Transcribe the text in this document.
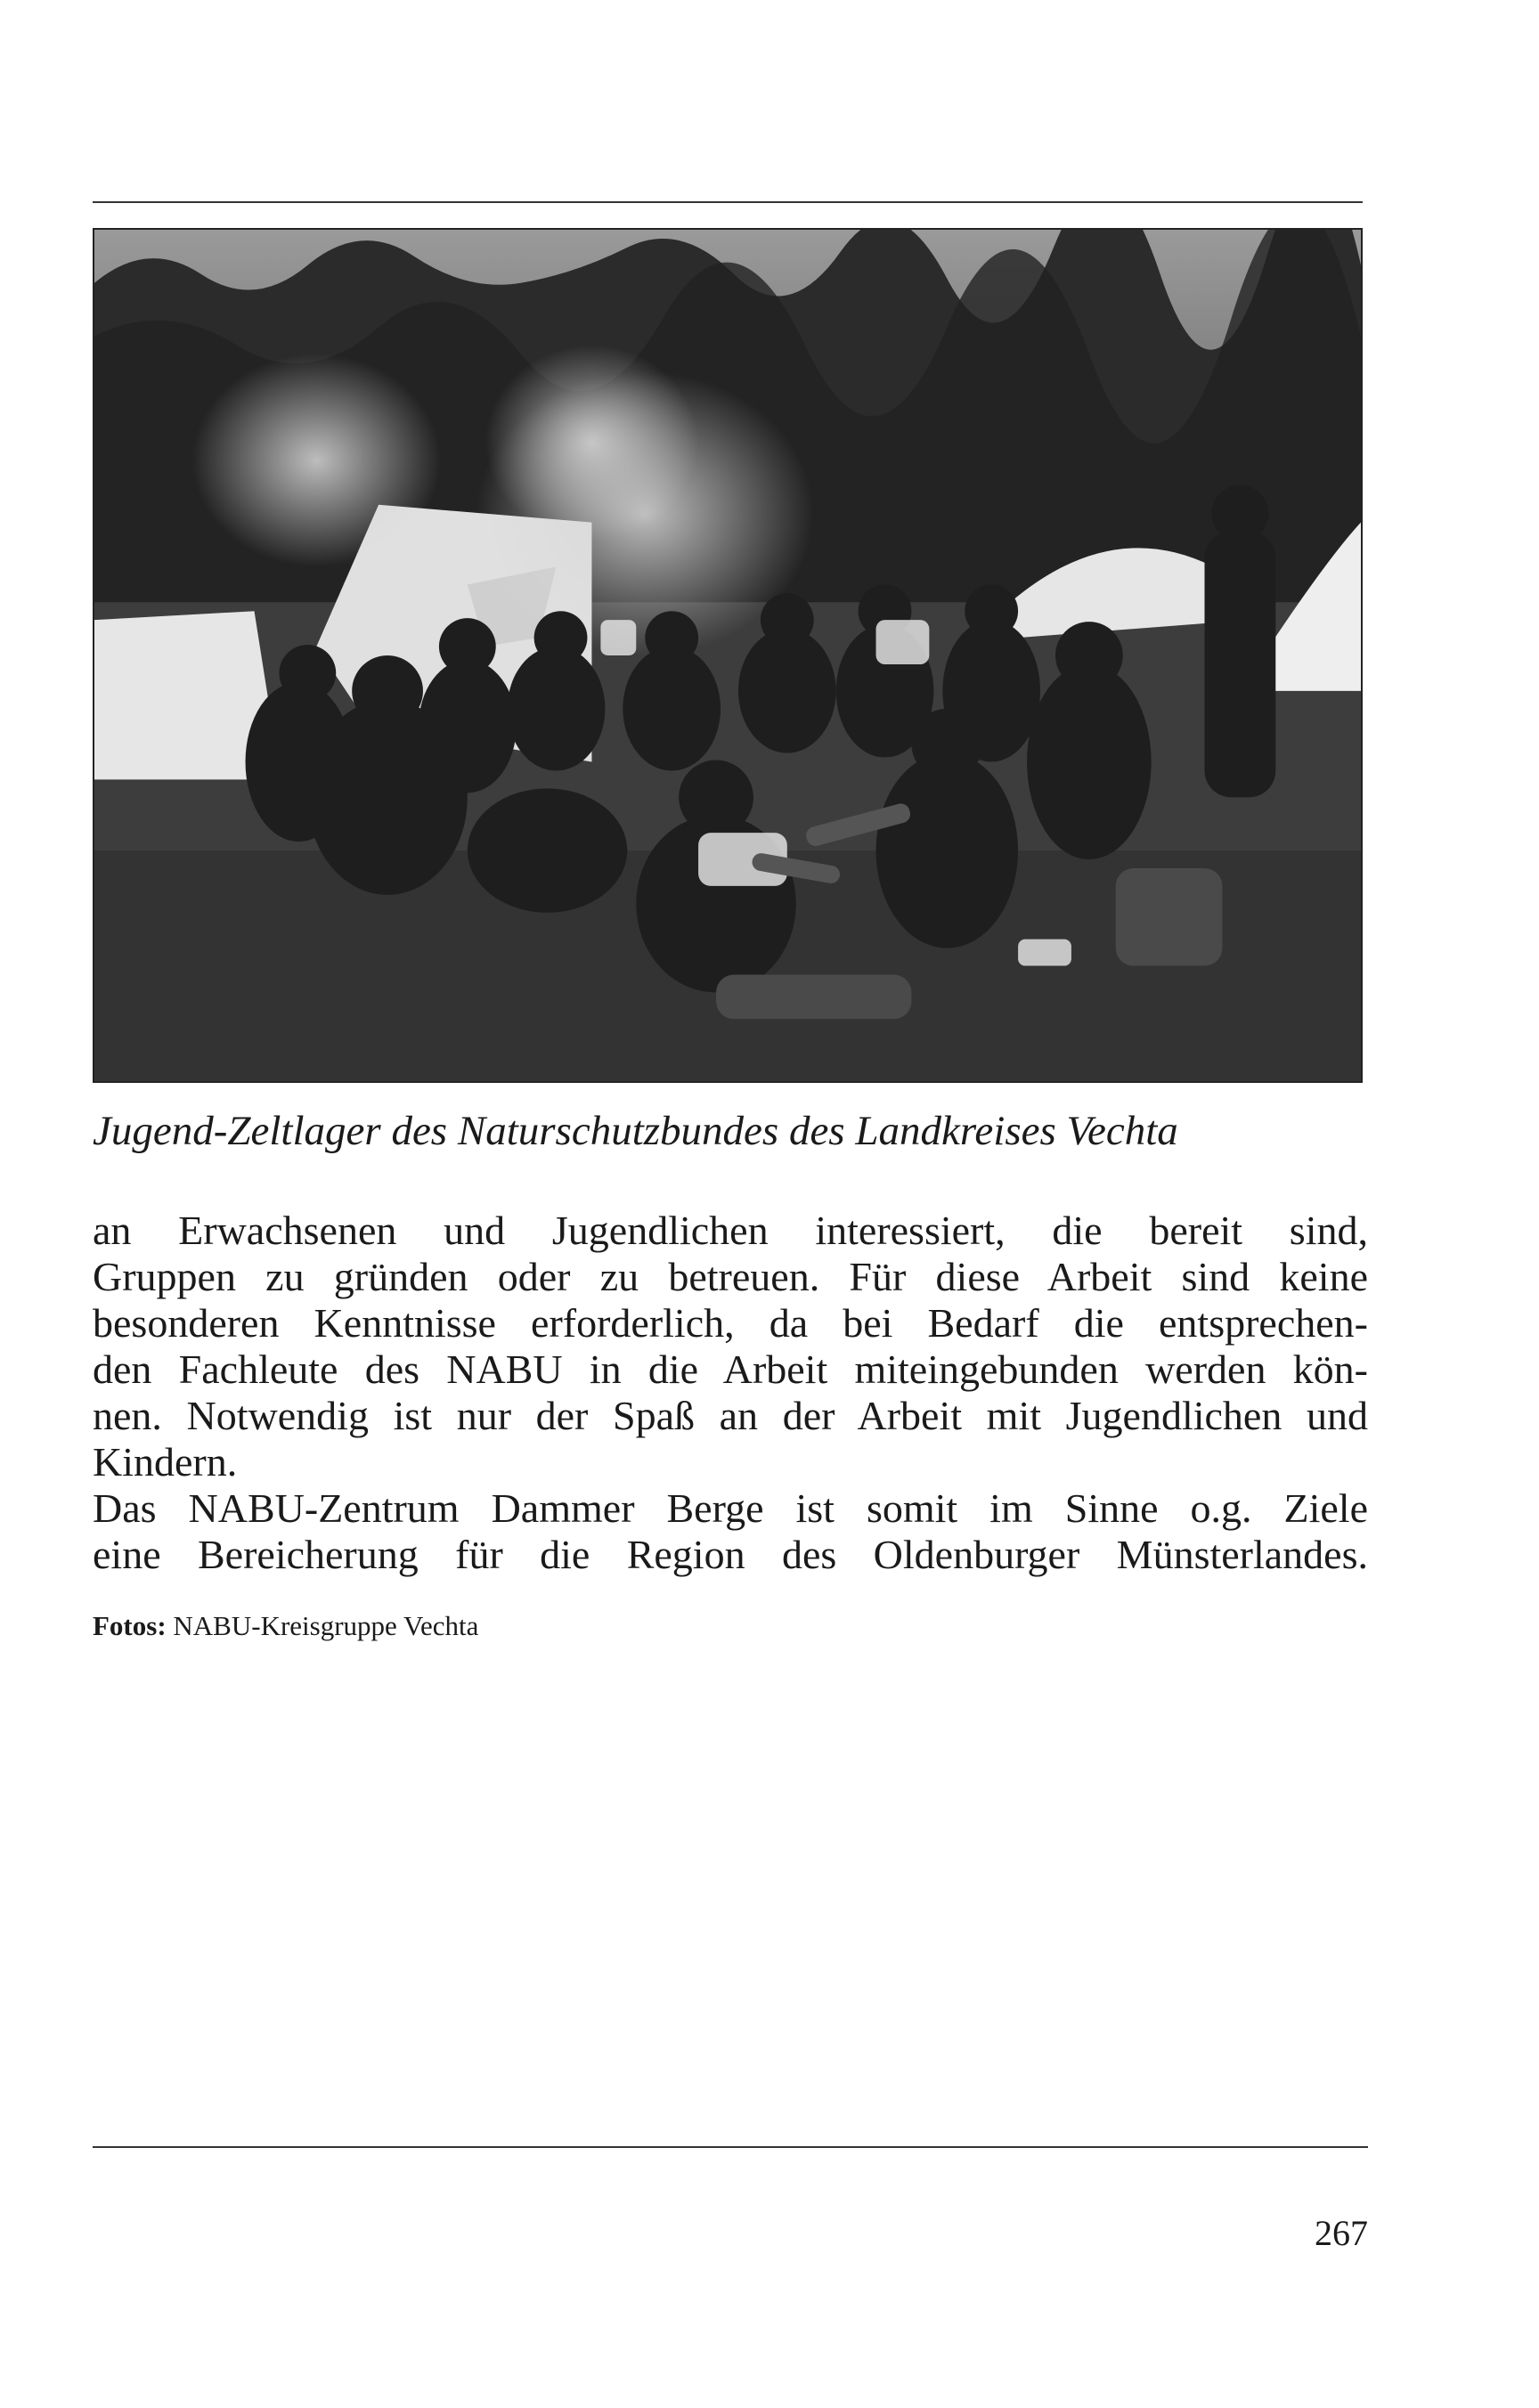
Jugend-Zeltlager des Naturschutzbundes des Landkreises Vechta

an Erwachsenen und Jugendlichen interessiert, die bereit sind,
Gruppen zu gründen oder zu betreuen. Für diese Arbeit sind keine
besonderen Kenntnisse erforderlich, da bei Bedarf die entsprechen-
den Fachleute des NABU in die Arbeit miteingebunden werden kön-
nen. Notwendig ist nur der Spaß an der Arbeit mit Jugendlichen und
Kindern.

Das NABU-Zentrum Dammer Berge ist somit im Sinne o.g. Ziele
eine Bereicherung für die Region des Oldenburger Münsterlandes.

Fotos: NABU-Kreisgruppe Vechta
267
